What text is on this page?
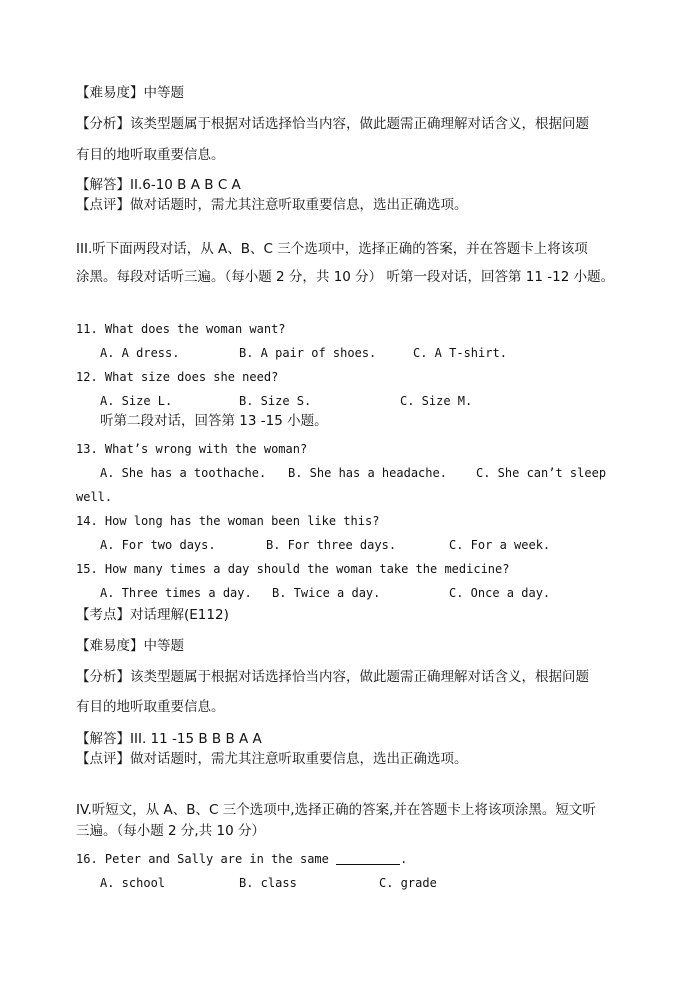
【难易度】中等题
【分析】该类型题属于根据对话选择恰当内容，做此题需正确理解对话含义，根据问题
有目的地听取重要信息。
【解答】II.6-10 B A B C A
【点评】做对话题时，需尤其注意听取重要信息，选出正确选项。
III.听下面两段对话，从 A、B、C 三个选项中，选择正确的答案，并在答题卡上将该项
涂黑。每段对话听三遍。（每小题 2 分，共 10 分） 听第一段对话，回答第 11 -12 小题。
11. What does the woman want?

A. A dress.

	B. A pair of shoes.

	C. A T-shirt.

12. What size does she need?

A. Size L.

	B. Size S.

	C. Size M.

听第二段对话，回答第 13 -15 小题。
13. What’s wrong with the woman?

A. She has a toothache.

B. She has a headache.

C. She can’t sleep

well.
14. How long has the woman been like this?

A. For two days.

	B. For three days.

	C. For a week.

15. How many times a day should the woman take the medicine?

A. Three times a day.

B. Twice a day.

	C. Once a day.

【考点】对话理解(E112)
【难易度】中等题
【分析】该类型题属于根据对话选择恰当内容，做此题需正确理解对话含义，根据问题
有目的地听取重要信息。
【解答】III. 11 -15 B B B A A
【点评】做对话题时，需尤其注意听取重要信息，选出正确选项。
IV.听短文，从 A、B、C 三个选项中,选择正确的答案,并在答题卡上将该项涂黑。短文听
三遍。（每小题 2 分,共 10 分）
16. Peter and Sally are in the same	.

A. school

	B. class

	C. grade
